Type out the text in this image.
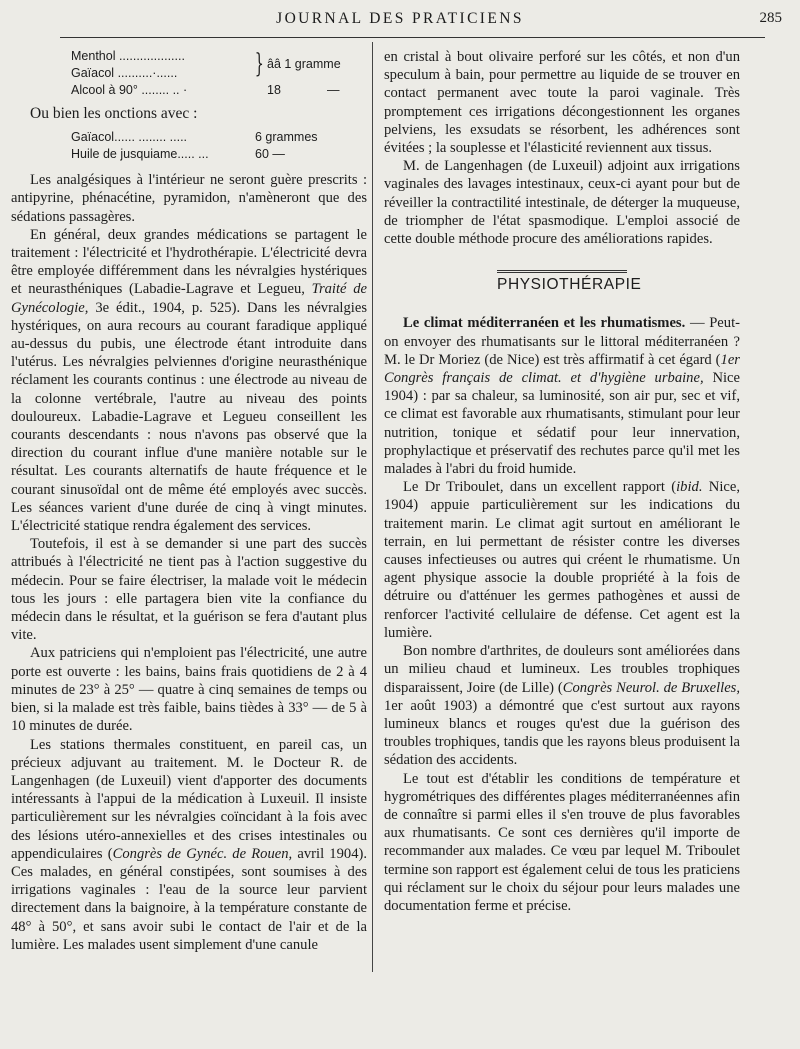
JOURNAL DES PRATICIENS	285
Menthol ...................	} ââ 1 gramme
Gaïacol ..........·......
Alcool à 90° ........ .. ·	18	—

Ou bien les onctions avec :

Gaïacol...... ........ .....	6 grammes
Huile de jusquiame..... ...	60 —

Les analgésiques à l'intérieur ne seront guère prescrits : antipyrine, phénacétine, pyramidon, n'amèneront que des sédations passagères.

En général, deux grandes médications se partagent le traitement : l'électricité et l'hydrothérapie. L'électricité devra être employée différemment dans les névralgies hystériques et neurasthéniques (Labadie-Lagrave et Legueu, Traité de Gynécologie, 3e édit., 1904, p. 525). Dans les névralgies hystériques, on aura recours au courant faradique appliqué au-dessus du pubis, une électrode étant introduite dans l'utérus. Les névralgies pelviennes d'origine neurasthénique réclament les courants continus : une électrode au niveau de la colonne vertébrale, l'autre au niveau des points douloureux. Labadie-Lagrave et Legueu conseillent les courants descendants : nous n'avons pas observé que la direction du courant influe d'une manière notable sur le résultat. Les courants alternatifs de haute fréquence et le courant sinusoïdal ont de même été employés avec succès. Les séances varient d'une durée de cinq à vingt minutes. L'électricité statique rendra également des services.

Toutefois, il est à se demander si une part des succès attribués à l'électricité ne tient pas à l'action suggestive du médecin. Pour se faire électriser, la malade voit le médecin tous les jours : elle partagera bien vite la confiance du médecin dans le résultat, et la guérison se fera d'autant plus vite.

Aux patriciens qui n'emploient pas l'électricité, une autre porte est ouverte : les bains, bains frais quotidiens de 2 à 4 minutes de 23° à 25° — quatre à cinq semaines de temps ou bien, si la malade est très faible, bains tièdes à 33° — de 5 à 10 minutes de durée.

Les stations thermales constituent, en pareil cas, un précieux adjuvant au traitement. M. le Docteur R. de Langenhagen (de Luxeuil) vient d'apporter des documents intéressants à l'appui de la médication à Luxeuil. Il insiste particulièrement sur les névralgies coïncidant à la fois avec des lésions utéro-annexielles et des crises intestinales ou appendiculaires (Congrès de Gynéc. de Rouen, avril 1904). Ces malades, en général constipées, sont soumises à des irrigations vaginales : l'eau de la source leur parvient directement dans la baignoire, à la température constante de 48° à 50°, et sans avoir subi le contact de l'air et de la lumière. Les malades usent simplement d'une canule

en cristal à bout olivaire perforé sur les côtés, et non d'un speculum à bain, pour permettre au liquide de se trouver en contact permanent avec toute la paroi vaginale. Très promptement ces irrigations décongestionnent les organes pelviens, les exsudats se résorbent, les adhérences sont évitées ; la souplesse et l'élasticité reviennent aux tissus.

M. de Langenhagen (de Luxeuil) adjoint aux irrigations vaginales des lavages intestinaux, ceux-ci ayant pour but de réveiller la contractilité intestinale, de déterger la muqueuse, de triompher de l'état spasmodique. L'emploi associé de cette double méthode procure des améliorations rapides.

PHYSIOTHÉRAPIE

Le climat méditerranéen et les rhumatismes. — Peut-on envoyer des rhumatisants sur le littoral méditerranéen ? M. le Dr Moriez (de Nice) est très affirmatif à cet égard (1er Congrès français de climat. et d'hygiène urbaine, Nice 1904) : par sa chaleur, sa luminosité, son air pur, sec et vif, ce climat est favorable aux rhumatisants, stimulant pour leur nutrition, tonique et sédatif pour leur innervation, prophylactique et préservatif des rechutes parce qu'il met les malades à l'abri du froid humide.

Le Dr Triboulet, dans un excellent rapport (ibid. Nice, 1904) appuie particulièrement sur les indications du traitement marin. Le climat agit surtout en améliorant le terrain, en lui permettant de résister contre les diverses causes infectieuses ou autres qui créent le rhumatisme. Un agent physique associe la double propriété à la fois de détruire ou d'atténuer les germes pathogènes et aussi de renforcer l'activité cellulaire de défense. Cet agent est la lumière.

Bon nombre d'arthrites, de douleurs sont améliorées dans un milieu chaud et lumineux. Les troubles trophiques disparaissent, Joire (de Lille) (Congrès Neurol. de Bruxelles, 1er août 1903) a démontré que c'est surtout aux rayons lumineux blancs et rouges qu'est due la guérison des troubles trophiques, tandis que les rayons bleus produisent la sédation des accidents.

Le tout est d'établir les conditions de température et hygrométriques des différentes plages méditerranéennes afin de connaître si parmi elles il s'en trouve de plus favorables aux rhumatisants. Ce sont ces dernières qu'il importe de recommander aux malades. Ce vœu par lequel M. Triboulet termine son rapport est également celui de tous les praticiens qui réclament sur le choix du séjour pour leurs malades une documentation ferme et précise.
